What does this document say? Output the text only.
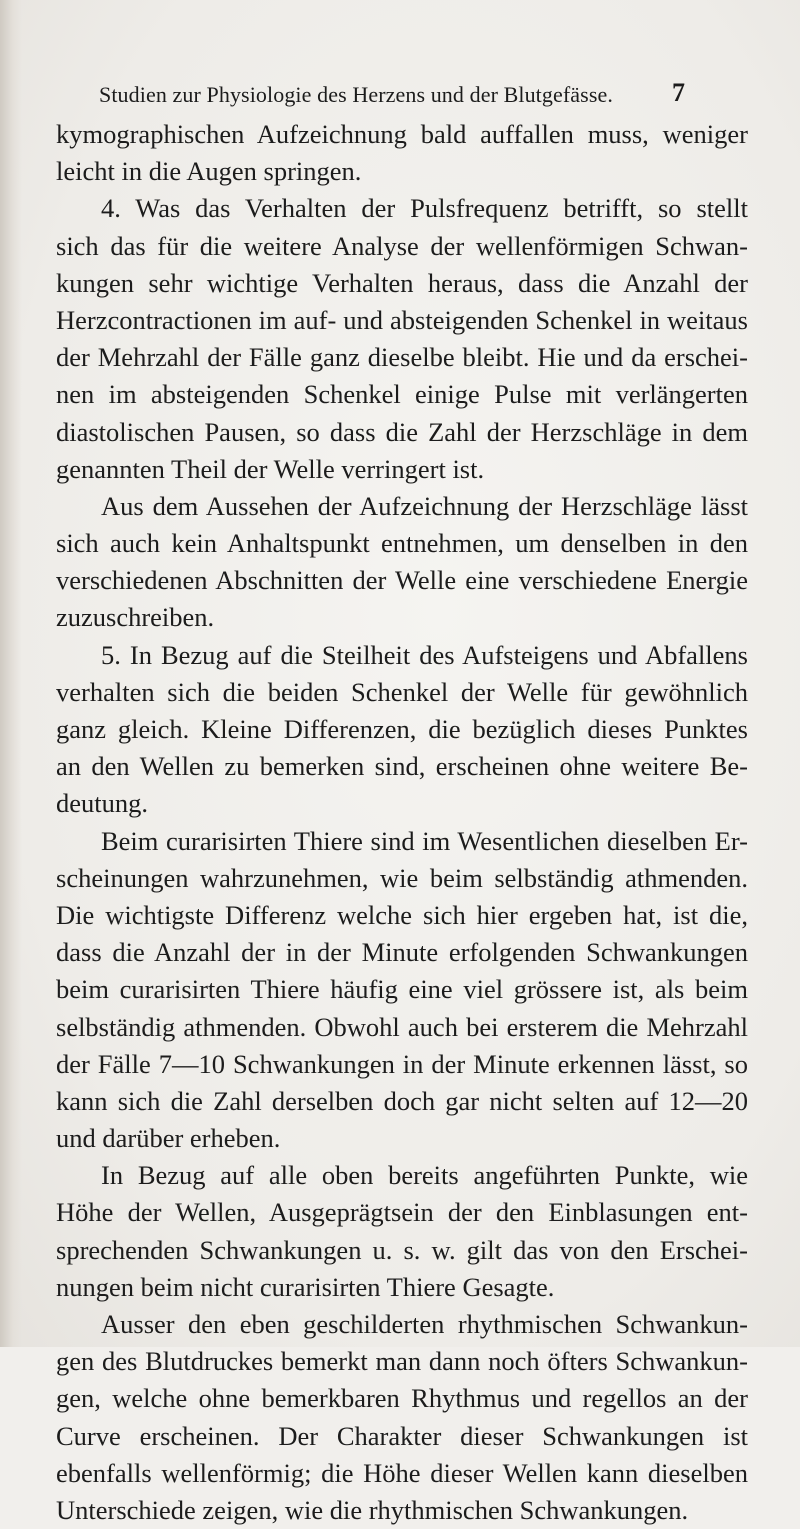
Studien zur Physiologie des Herzens und der Blutgefässe. 7
kymographischen Aufzeichnung bald auffallen muss, weniger
leicht in die Augen springen.
4. Was das Verhalten der Pulsfrequenz betrifft, so stellt
sich das für die weitere Analyse der wellenförmigen Schwan-
kungen sehr wichtige Verhalten heraus, dass die Anzahl der
Herzcontractionen im auf- und absteigenden Schenkel in weitaus
der Mehrzahl der Fälle ganz dieselbe bleibt. Hie und da erschei-
nen im absteigenden Schenkel einige Pulse mit verlängerten
diastolischen Pausen, so dass die Zahl der Herzschläge in dem
genannten Theil der Welle verringert ist.
Aus dem Aussehen der Aufzeichnung der Herzschläge lässt
sich auch kein Anhaltspunkt entnehmen, um denselben in den
verschiedenen Abschnitten der Welle eine verschiedene Energie
zuzuschreiben.
5. In Bezug auf die Steilheit des Aufsteigens und Abfallens
verhalten sich die beiden Schenkel der Welle für gewöhnlich
ganz gleich. Kleine Differenzen, die bezüglich dieses Punktes
an den Wellen zu bemerken sind, erscheinen ohne weitere Be-
deutung.
Beim curarisirten Thiere sind im Wesentlichen dieselben Er-
scheinungen wahrzunehmen, wie beim selbständig athmenden.
Die wichtigste Differenz welche sich hier ergeben hat, ist die,
dass die Anzahl der in der Minute erfolgenden Schwankungen
beim curarisirten Thiere häufig eine viel grössere ist, als beim
selbständig athmenden. Obwohl auch bei ersterem die Mehrzahl
der Fälle 7—10 Schwankungen in der Minute erkennen lässt, so
kann sich die Zahl derselben doch gar nicht selten auf 12—20
und darüber erheben.
In Bezug auf alle oben bereits angeführten Punkte, wie
Höhe der Wellen, Ausgeprägtsein der den Einblasungen ent-
sprechenden Schwankungen u. s. w. gilt das von den Erschei-
nungen beim nicht curarisirten Thiere Gesagte.
Ausser den eben geschilderten rhythmischen Schwankun-
gen des Blutdruckes bemerkt man dann noch öfters Schwankun-
gen, welche ohne bemerkbaren Rhythmus und regellos an der
Curve erscheinen. Der Charakter dieser Schwankungen ist
ebenfalls wellenförmig; die Höhe dieser Wellen kann dieselben
Unterschiede zeigen, wie die rhythmischen Schwankungen.
